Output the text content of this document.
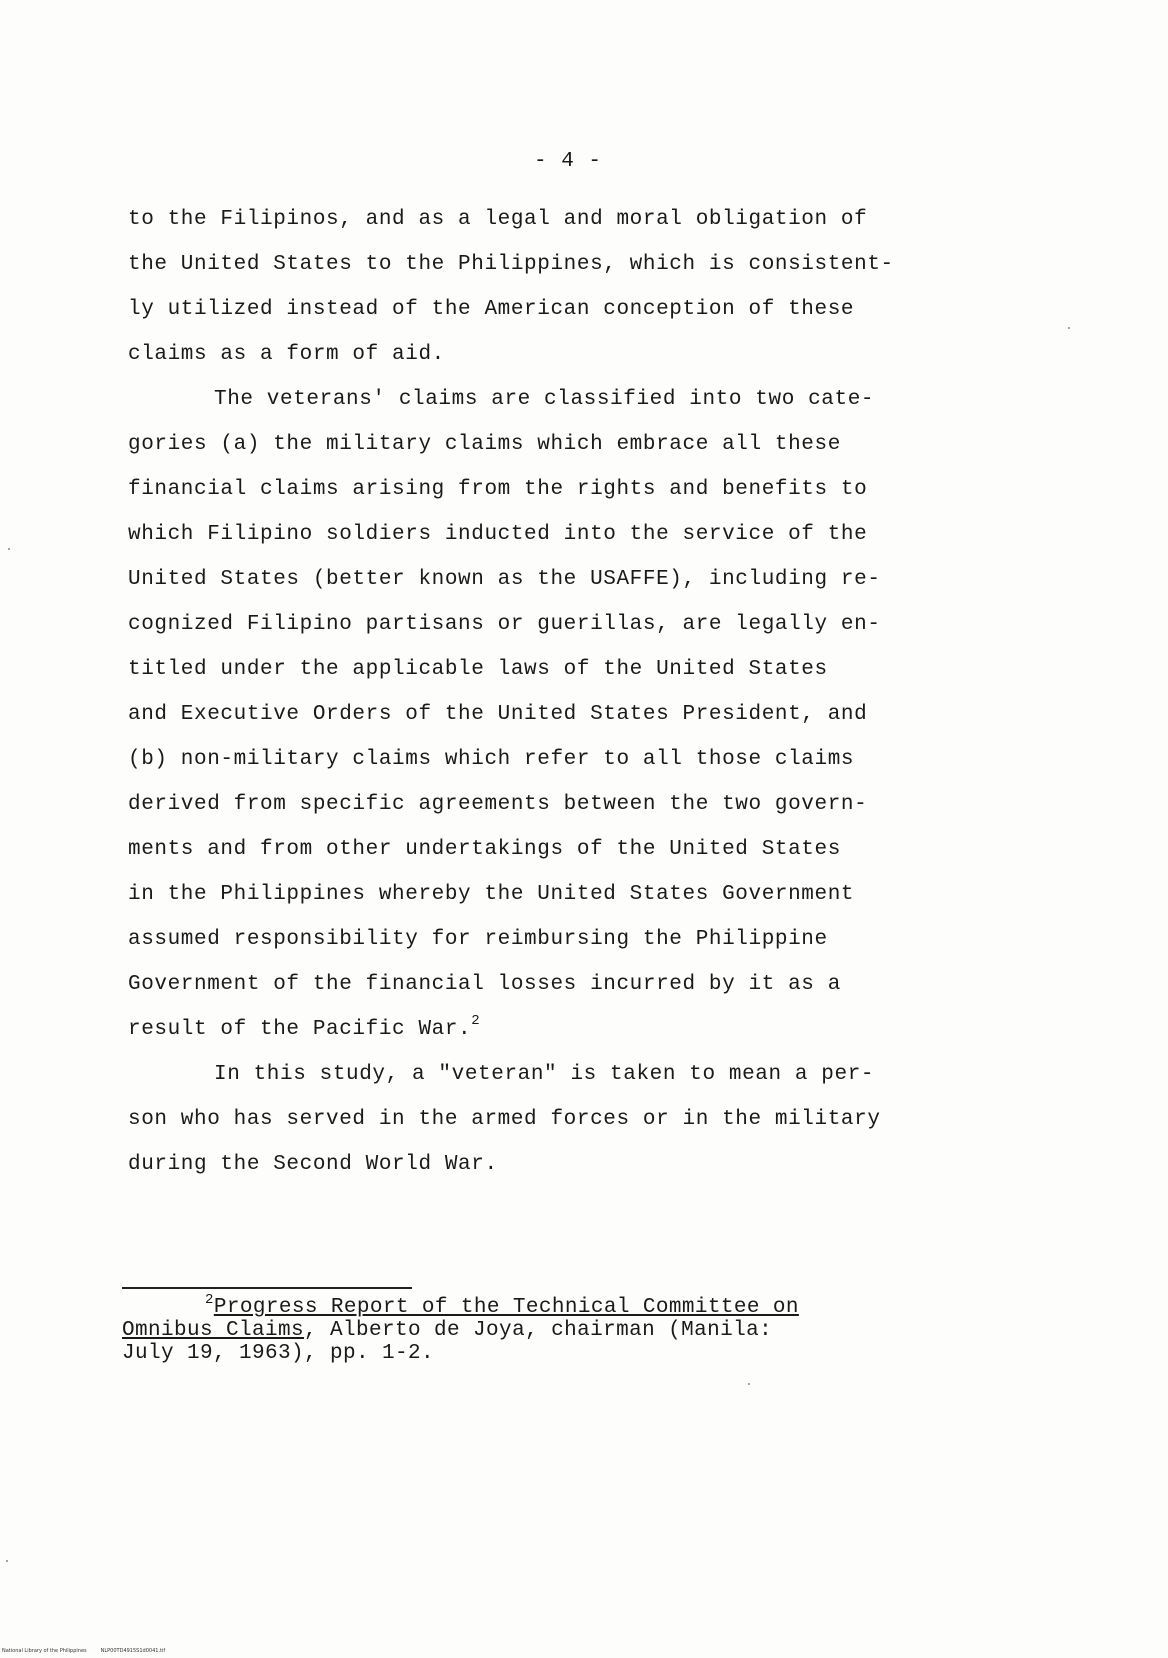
- 4 -
to the Filipinos, and as a legal and moral obligation of
the United States to the Philippines, which is consistent-
ly utilized instead of the American conception of these
claims as a form of aid.
The veterans' claims are classified into two cate-
gories (a) the military claims which embrace all these
financial claims arising from the rights and benefits to
which Filipino soldiers inducted into the service of the
United States (better known as the USAFFE), including re-
cognized Filipino partisans or guerillas, are legally en-
titled under the applicable laws of the United States
and Executive Orders of the United States President, and
(b) non-military claims which refer to all those claims
derived from specific agreements between the two govern-
ments and from other undertakings of the United States
in the Philippines whereby the United States Government
assumed responsibility for reimbursing the Philippine
Government of the financial losses incurred by it as a
result of the Pacific War.$^2$
In this study, a "veteran" is taken to mean a per-
son who has served in the armed forces or in the military
during the Second World War.
$^2$Progress Report of the Technical Committee on
Omnibus Claims, Alberto de Joya, chairman (Manila:
July 19, 1963), pp. 1-2.
National Library of the Philippines	NLP00TD4915S1d0041.tif
